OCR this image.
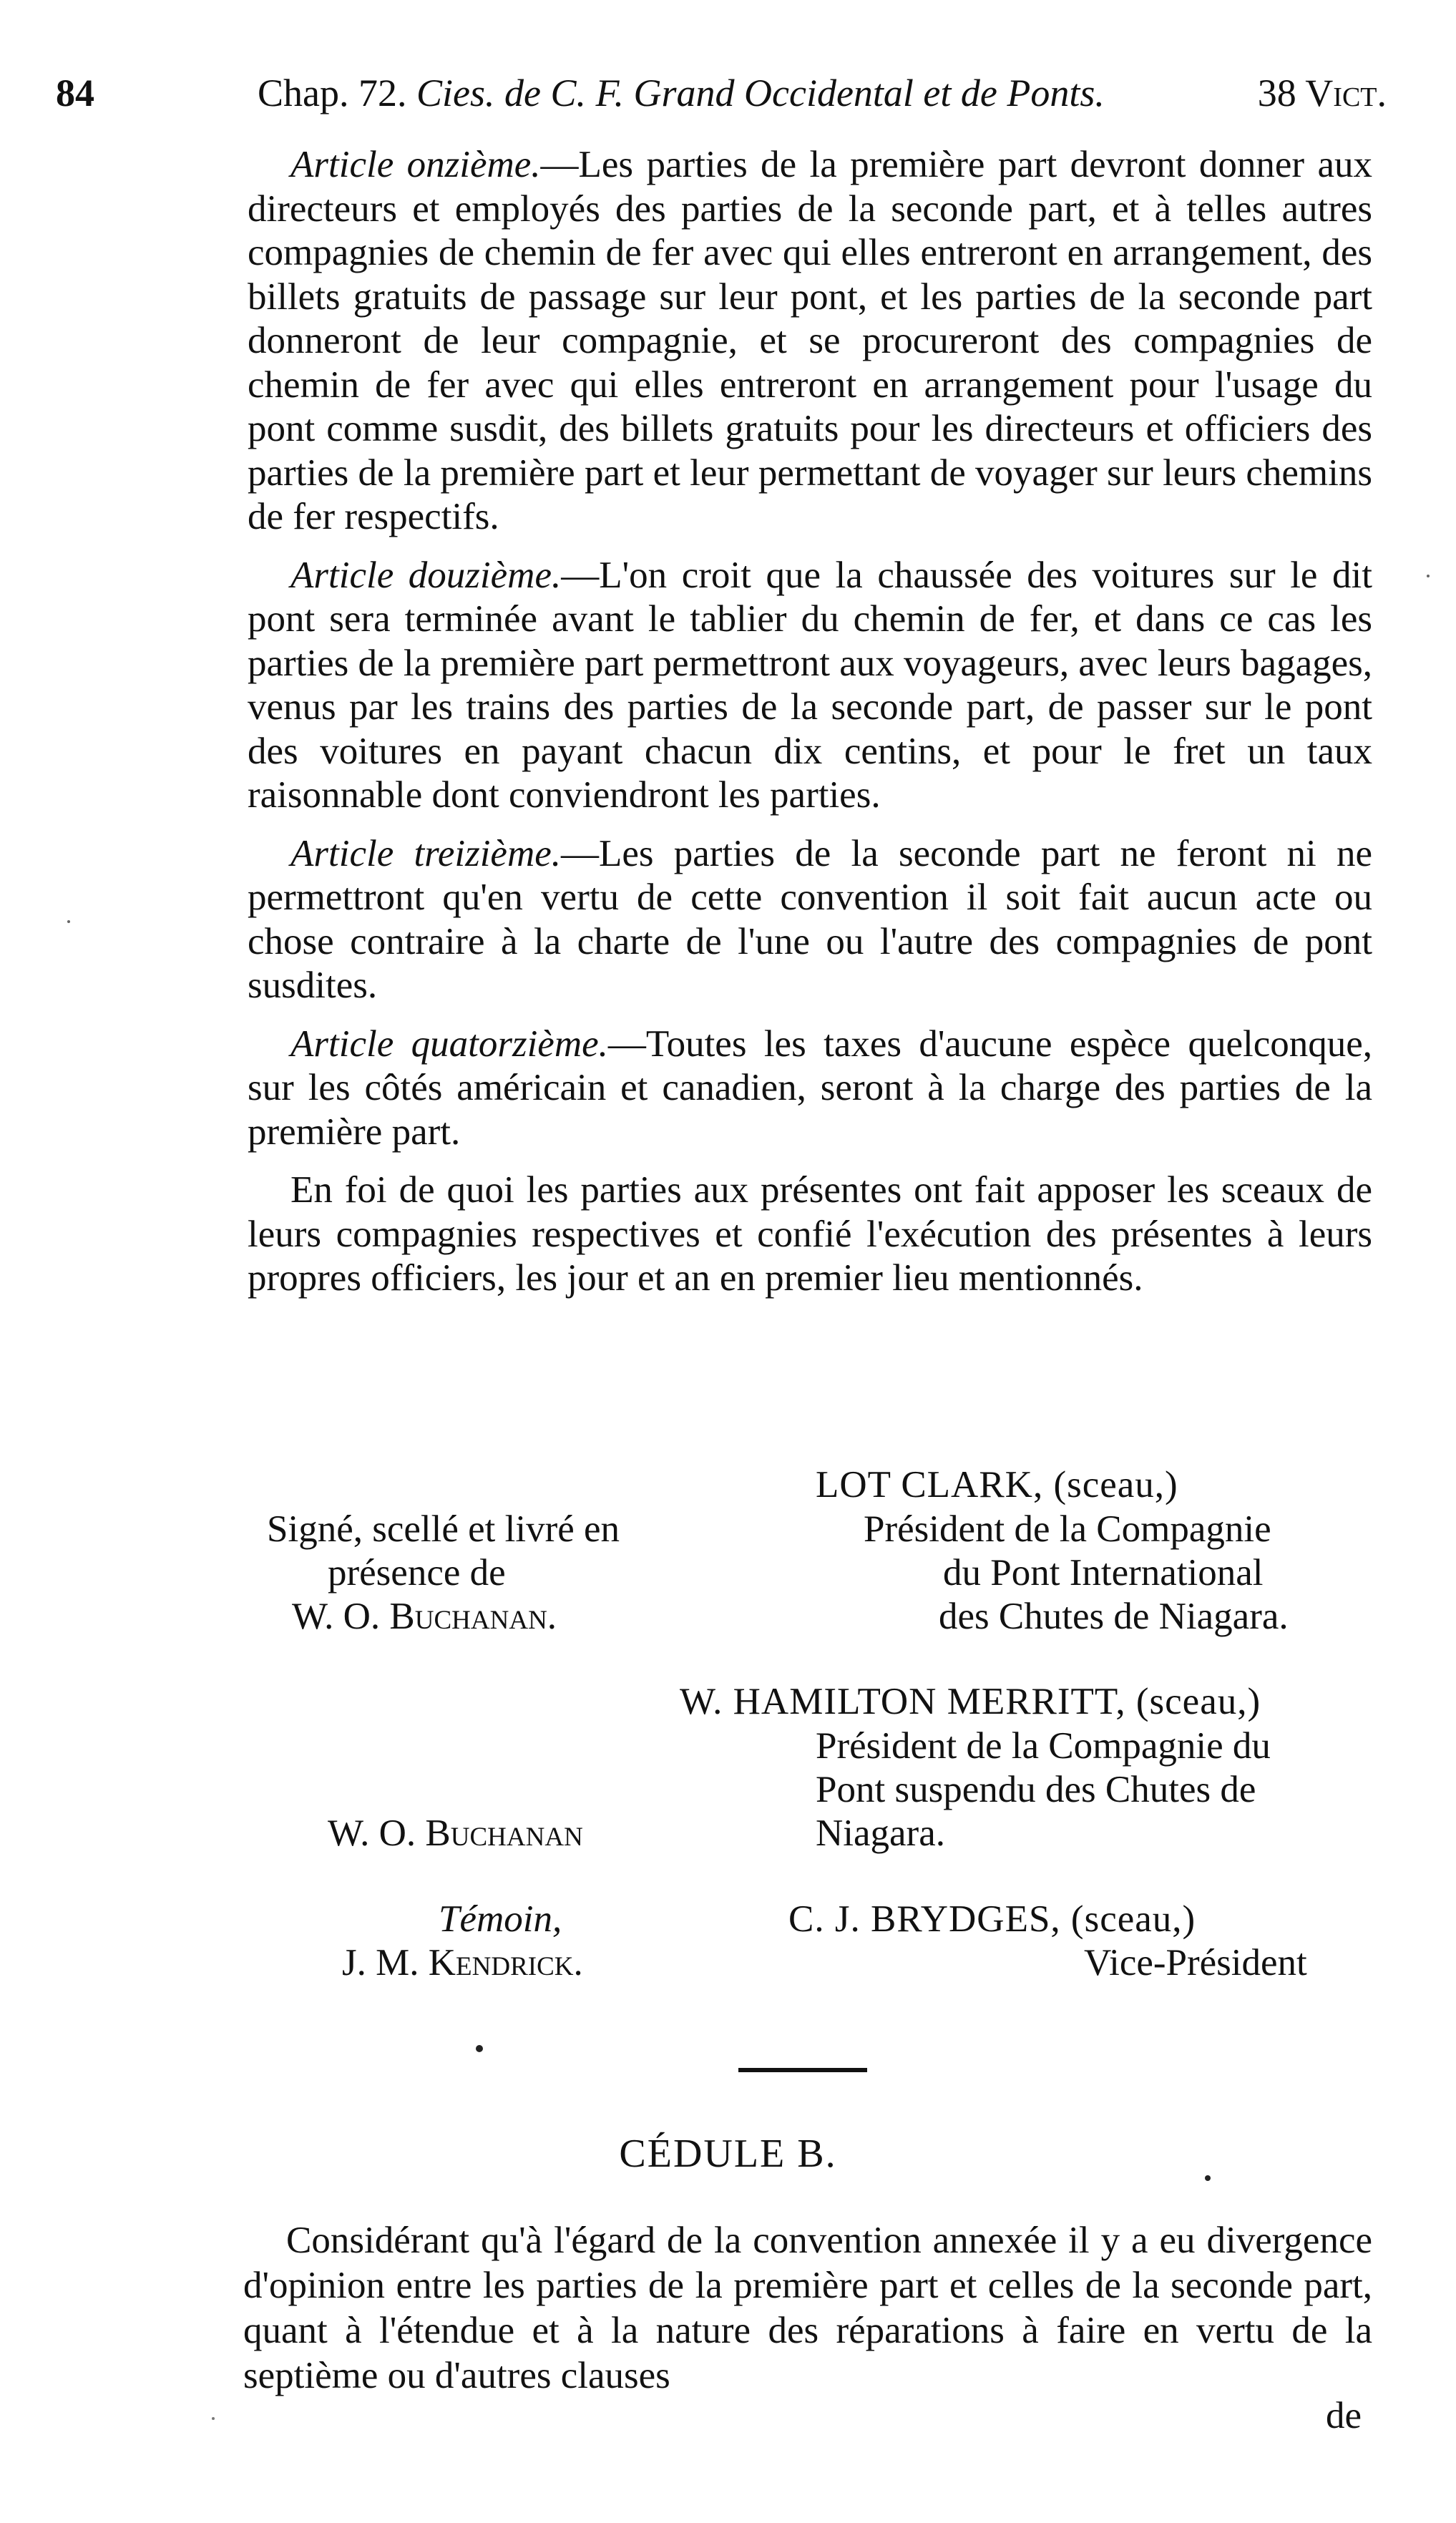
84	Chap. 72. Cies. de C. F. Grand Occidental et de Ponts.	38 Vict.

Article onzième.—Les parties de la première part devront donner aux directeurs et employés des parties de la seconde part, et à telles autres compagnies de chemin de fer avec qui elles entreront en arrangement, des billets gratuits de passage sur leur pont, et les parties de la seconde part donneront de leur compagnie, et se procureront des compagnies de chemin de fer avec qui elles entreront en arrangement pour l'usage du pont comme susdit, des billets gratuits pour les directeurs et officiers des parties de la première part et leur permettant de voyager sur leurs chemins de fer respectifs.

Article douzième.—L'on croit que la chaussée des voitures sur le dit pont sera terminée avant le tablier du chemin de fer, et dans ce cas les parties de la première part permettront aux voyageurs, avec leurs bagages, venus par les trains des parties de la seconde part, de passer sur le pont des voitures en payant chacun dix centins, et pour le fret un taux raisonnable dont conviendront les parties.

Article treizième.—Les parties de la seconde part ne feront ni ne permettront qu'en vertu de cette convention il soit fait aucun acte ou chose contraire à la charte de l'une ou l'autre des compagnies de pont susdites.

Article quatorzième.—Toutes les taxes d'aucune espèce quelconque, sur les côtés américain et canadien, seront à la charge des parties de la première part.

En foi de quoi les parties aux présentes ont fait apposer les sceaux de leurs compagnies respectives et confié l'exécution des présentes à leurs propres officiers, les jour et an en premier lieu mentionnés.

LOT CLARK, (sceau,)
Président de la Compagnie
du Pont International
des Chutes de Niagara.
Signé, scellé et livré en
présence de
W. O. Buchanan.
W. HAMILTON MERRITT, (sceau,)
Président de la Compagnie du
Pont suspendu des Chutes de
Niagara.
W. O. Buchanan
Témoin,	C. J. BRYDGES, (sceau,)
J. M. Kendrick.	Vice-Président
CÉDULE B.

Considérant qu'à l'égard de la convention annexée il y a eu divergence d'opinion entre les parties de la première part et celles de la seconde part, quant à l'étendue et à la nature des réparations à faire en vertu de la septième ou d'autres clauses

de
